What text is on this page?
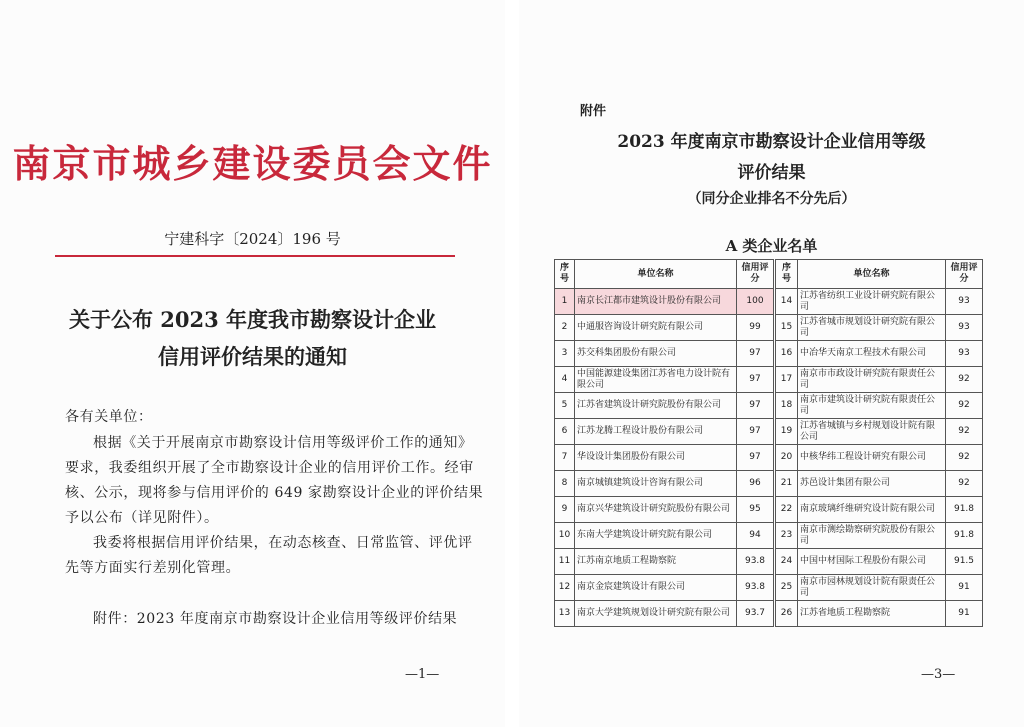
南京市城乡建设委员会文件
宁建科字〔2024〕196 号
关于公布 2023 年度我市勘察设计企业
信用评价结果的通知
各有关单位：
根据《关于开展南京市勘察设计信用等级评价工作的通知》
要求，我委组织开展了全市勘察设计企业的信用评价工作。经审
核、公示，现将参与信用评价的 649 家勘察设计企业的评价结果
予以公布（详见附件）。
我委将根据信用评价结果，在动态核查、日常监管、评优评
先等方面实行差别化管理。
附件：2023 年度南京市勘察设计企业信用等级评价结果
—1—
附件
2023 年度南京市勘察设计企业信用等级
评价结果
（同分企业排名不分先后）
A 类企业名单
序号	单位名称	信用评分
1	南京长江都市建筑设计股份有限公司	100
2	中通服咨询设计研究院有限公司	99
3	苏交科集团股份有限公司	97
4	中国能源建设集团江苏省电力设计院有限公司	97
5	江苏省建筑设计研究院股份有限公司	97
6	江苏龙腾工程设计股份有限公司	97
7	华设设计集团股份有限公司	97
8	南京城镇建筑设计咨询有限公司	96
9	南京兴华建筑设计研究院股份有限公司	95
10	东南大学建筑设计研究院有限公司	94
11	江苏南京地质工程勘察院	93.8
12	南京金宸建筑设计有限公司	93.8
13	南京大学建筑规划设计研究院有限公司	93.7
序号	单位名称	信用评分
14	江苏省纺织工业设计研究院有限公司	93
15	江苏省城市规划设计研究院有限公司	93
16	中冶华天南京工程技术有限公司	93
17	南京市市政设计研究院有限责任公司	92
18	南京市建筑设计研究院有限责任公司	92
19	江苏省城镇与乡村规划设计院有限公司	92
20	中核华纬工程设计研究有限公司	92
21	苏邑设计集团有限公司	92
22	南京玻璃纤维研究设计院有限公司	91.8
23	南京市测绘勘察研究院股份有限公司	91.8
24	中国中材国际工程股份有限公司	91.5
25	南京市园林规划设计院有限责任公司	91
26	江苏省地质工程勘察院	91
—3—
